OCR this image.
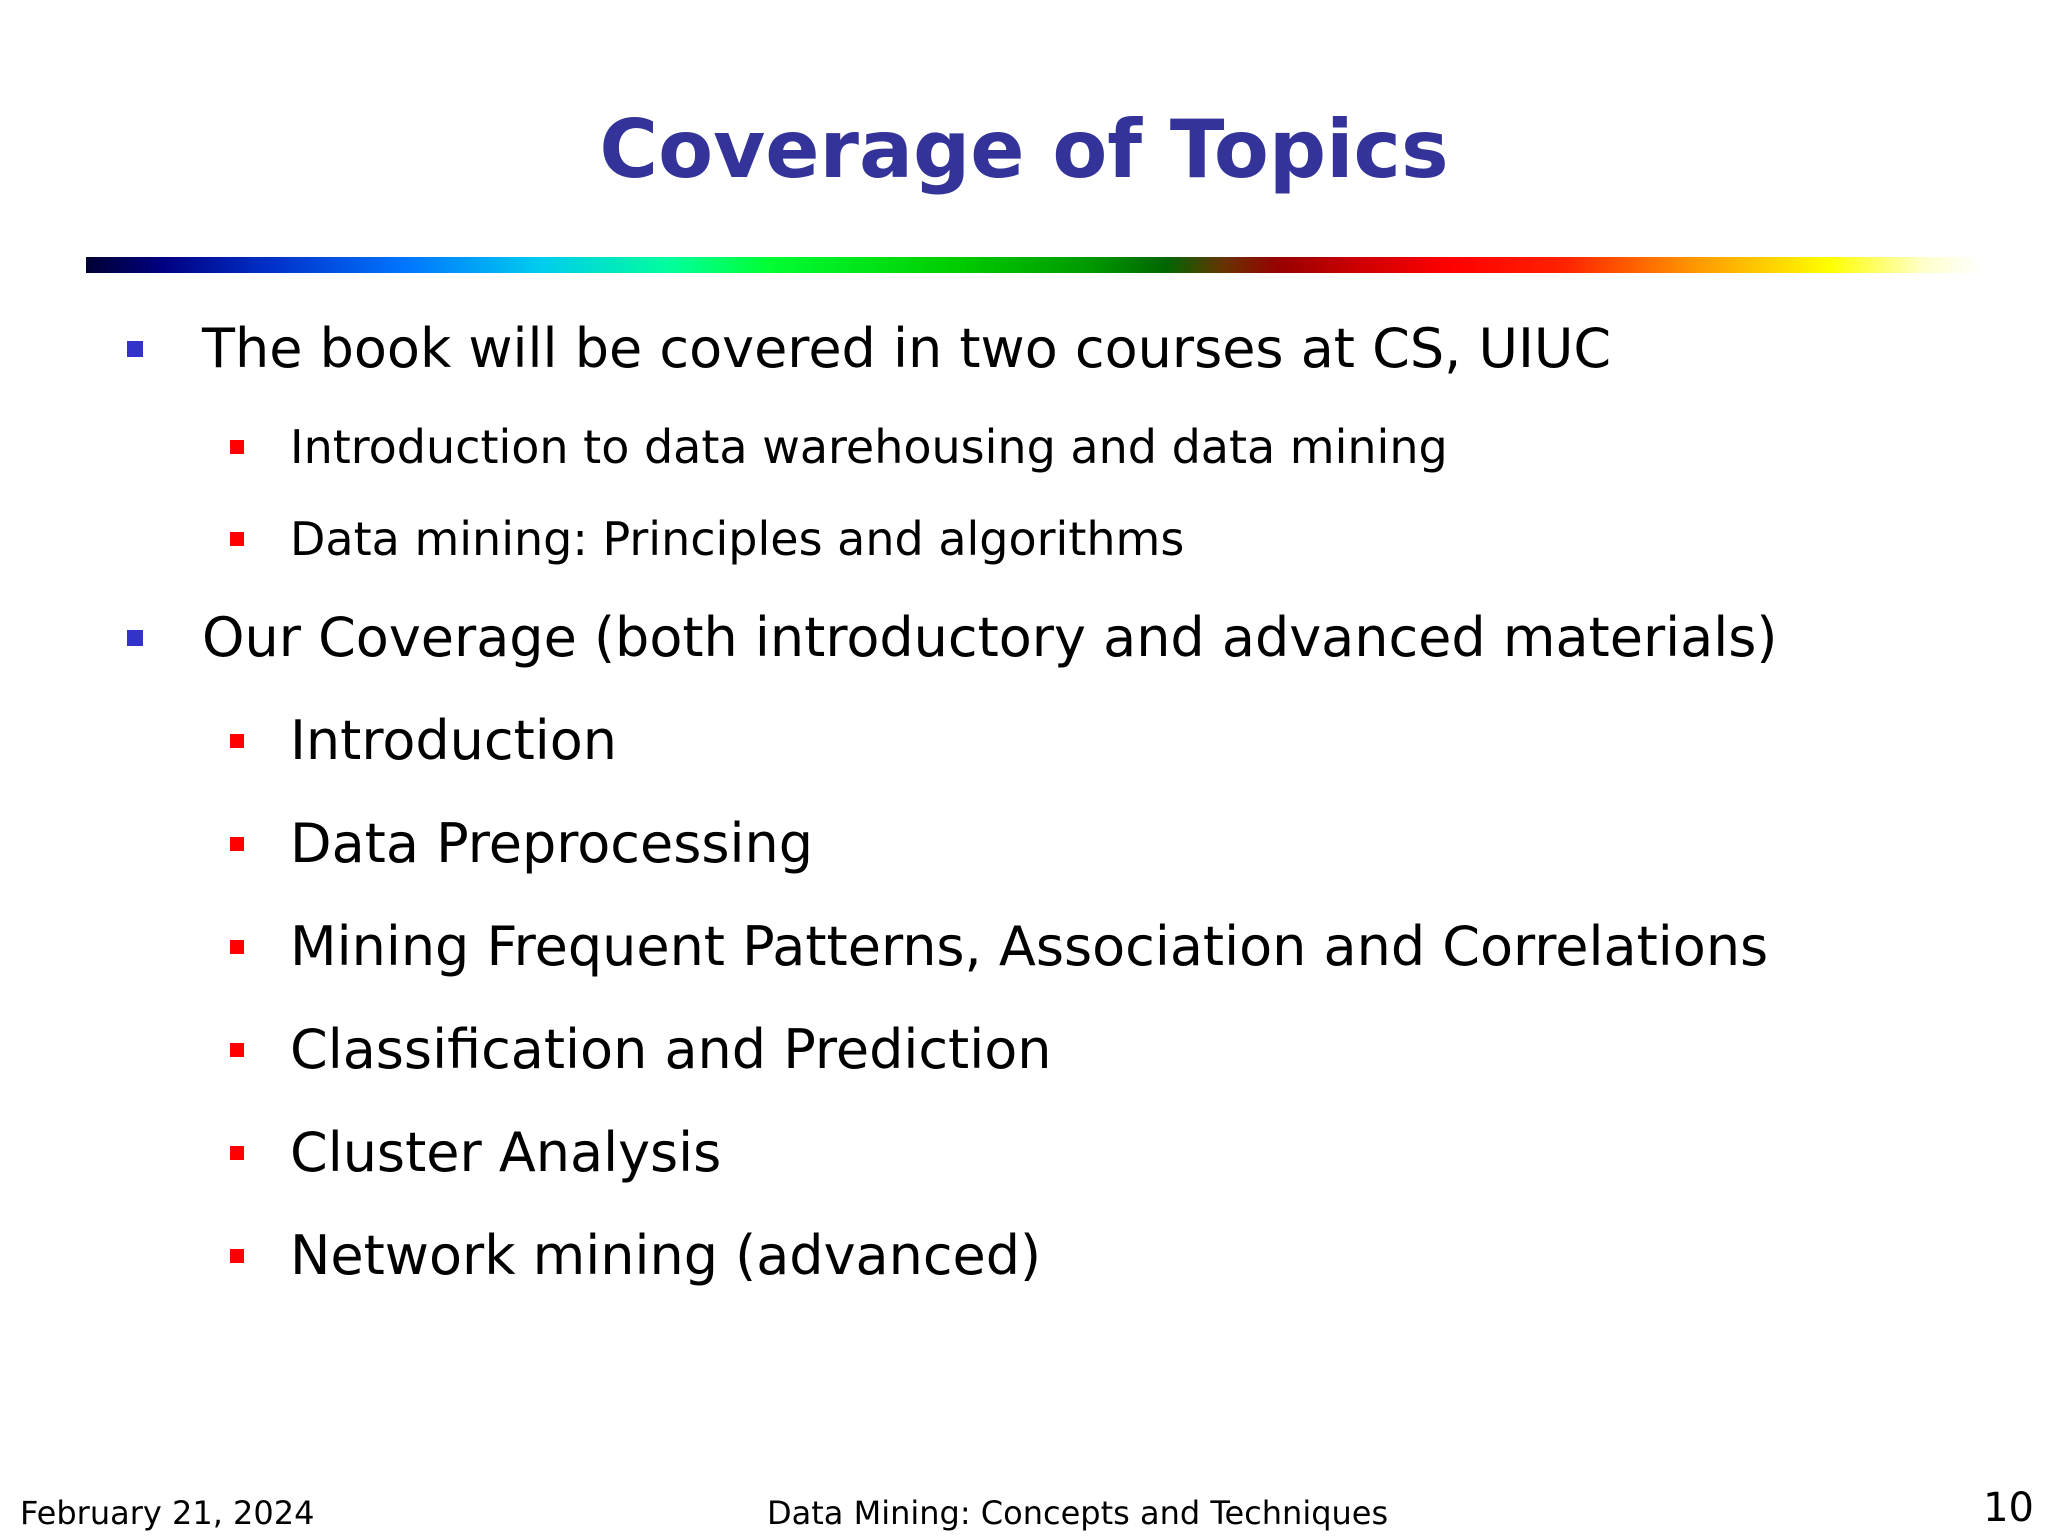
Coverage of Topics
The book will be covered in two courses at CS, UIUC
Introduction to data warehousing and data mining
Data mining: Principles and algorithms
Our Coverage (both introductory and advanced materials)
Introduction
Data Preprocessing
Mining Frequent Patterns, Association and Correlations
Classification and Prediction
Cluster Analysis
Network mining (advanced)
February 21, 2024	Data Mining: Concepts and Techniques	10
